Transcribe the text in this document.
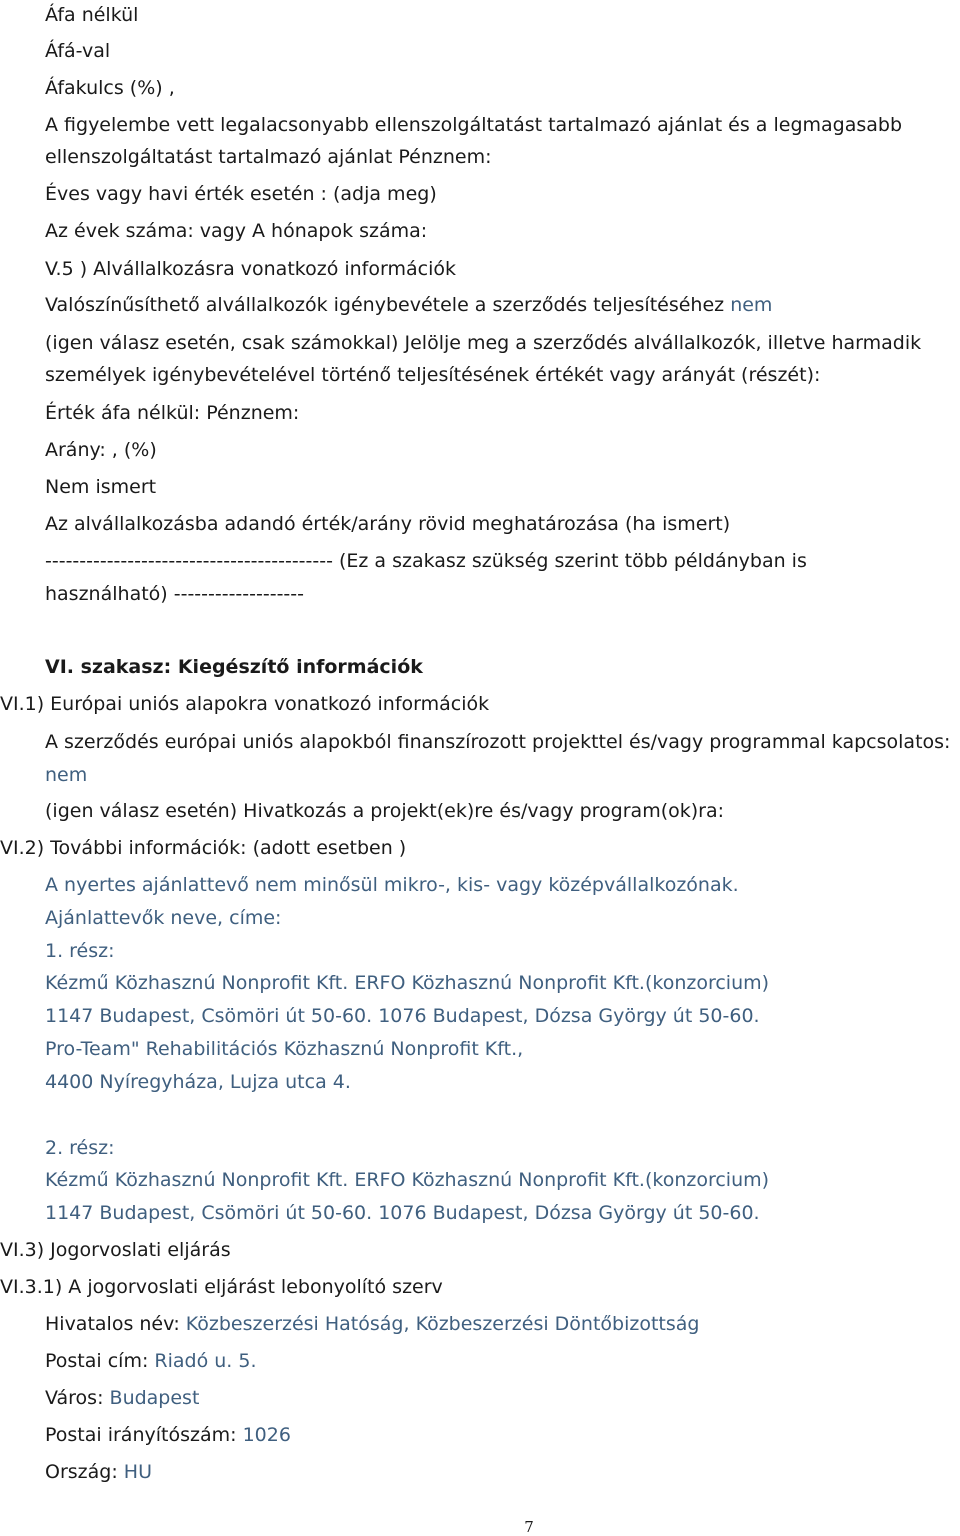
Áfa nélkül
Áfá-val
Áfakulcs (%) ,
A figyelembe vett legalacsonyabb ellenszolgáltatást tartalmazó ajánlat és a legmagasabb
ellenszolgáltatást tartalmazó ajánlat Pénznem:
Éves vagy havi érték esetén : (adja meg)
Az évek száma: vagy A hónapok száma:
V.5 ) Alvállalkozásra vonatkozó információk
Valószínűsíthető alvállalkozók igénybevétele a szerződés teljesítéséhez nem
(igen válasz esetén, csak számokkal) Jelölje meg a szerződés alvállalkozók, illetve harmadik
személyek igénybevételével történő teljesítésének értékét vagy arányát (részét):
Érték áfa nélkül: Pénznem:
Arány: , (%)
Nem ismert
Az alvállalkozásba adandó érték/arány rövid meghatározása (ha ismert)
------------------------------------------ (Ez a szakasz szükség szerint több példányban is
használható) -------------------
VI. szakasz: Kiegészítő információk
VI.1) Európai uniós alapokra vonatkozó információk
A szerződés európai uniós alapokból finanszírozott projekttel és/vagy programmal kapcsolatos:
nem
(igen válasz esetén) Hivatkozás a projekt(ek)re és/vagy program(ok)ra:
VI.2) További információk: (adott esetben )
A nyertes ajánlattevő nem minősül mikro-, kis- vagy középvállalkozónak.
Ajánlattevők neve, címe:
1. rész:
Kézmű Közhasznú Nonprofit Kft. ERFO Közhasznú Nonprofit Kft.(konzorcium)
1147 Budapest, Csömöri út 50-60. 1076 Budapest, Dózsa György út 50-60.
Pro-Team" Rehabilitációs Közhasznú Nonprofit Kft.,
4400 Nyíregyháza, Lujza utca 4.
2. rész:
Kézmű Közhasznú Nonprofit Kft. ERFO Közhasznú Nonprofit Kft.(konzorcium)
1147 Budapest, Csömöri út 50-60. 1076 Budapest, Dózsa György út 50-60.
VI.3) Jogorvoslati eljárás
VI.3.1) A jogorvoslati eljárást lebonyolító szerv
Hivatalos név: Közbeszerzési Hatóság, Közbeszerzési Döntőbizottság
Postai cím: Riadó u. 5.
Város: Budapest
Postai irányítószám: 1026
Ország: HU
7
